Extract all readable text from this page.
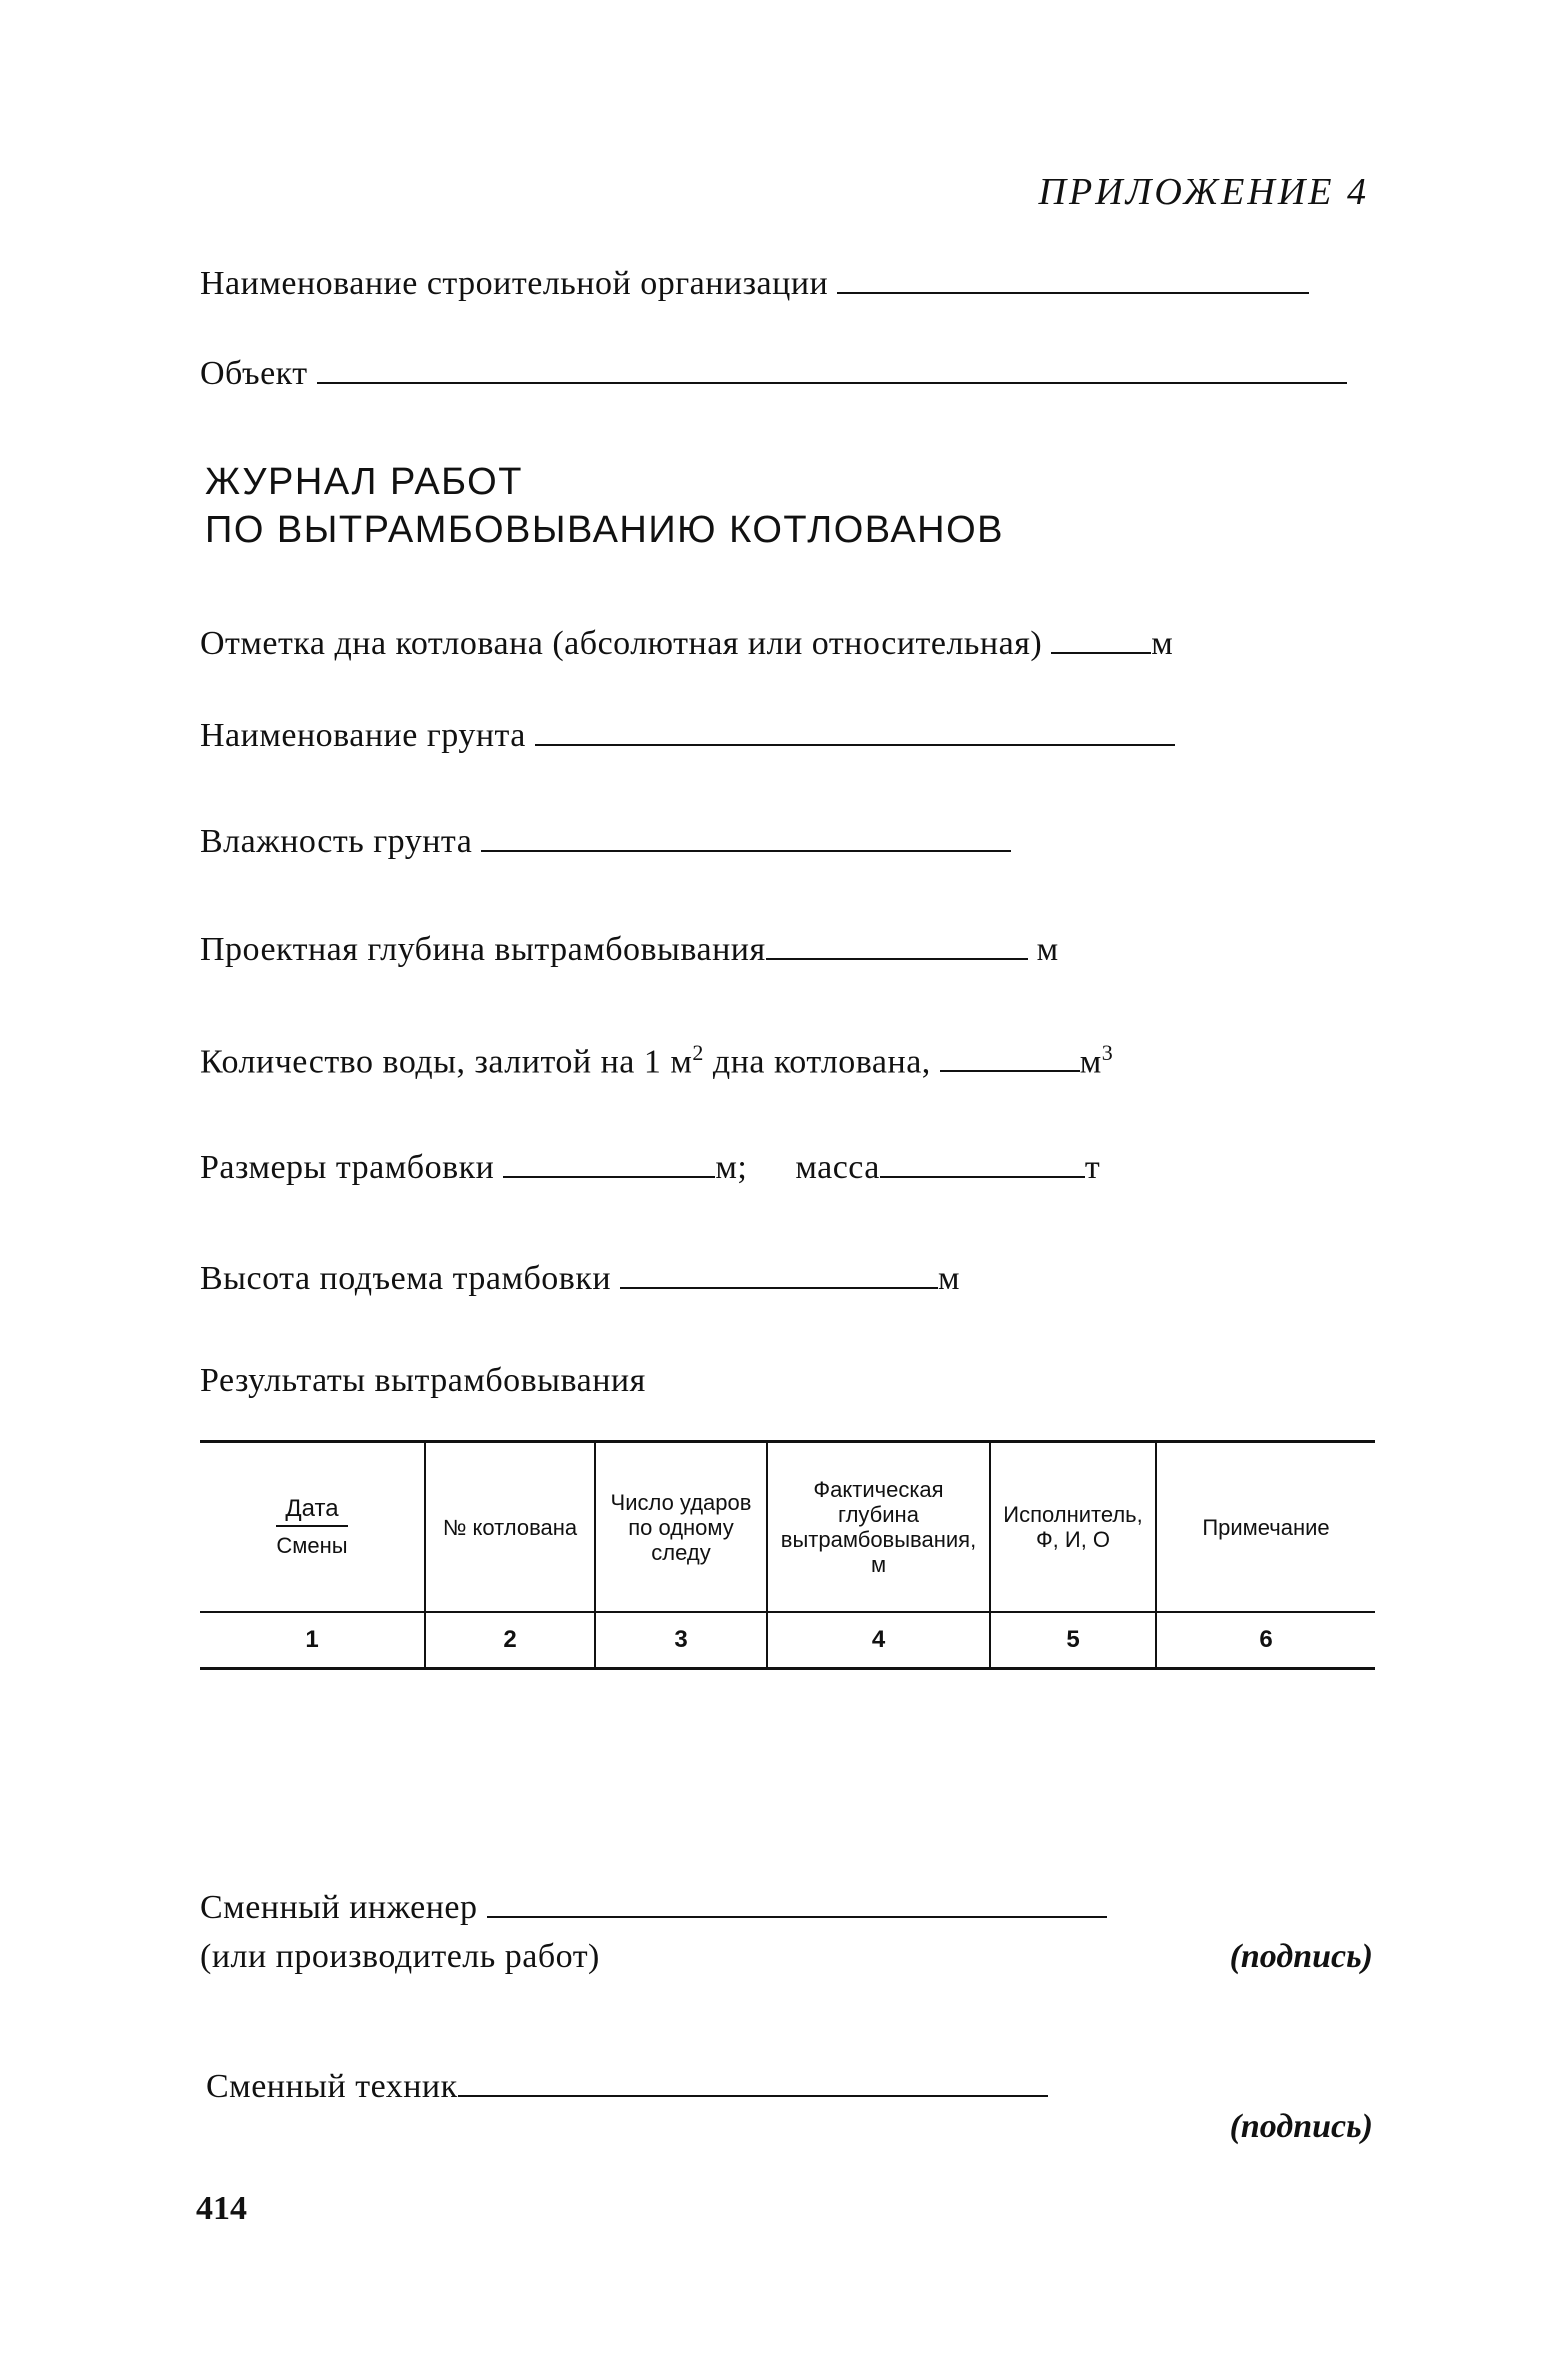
ПРИЛОЖЕНИЕ 4
Наименование строительной организации
Объект
ЖУРНАЛ РАБОТ
ПО ВЫТРАМБОВЫВАНИЮ КОТЛОВАНОВ
Отметка дна котлована (абсолютная или относительная)	м
Наименование грунта
Влажность грунта
Проектная глубина вытрамбовывания	м
Количество воды, залитой на 1 $м^2$ дна котлована,	$м^3$
Размеры трамбовки	м; масса	т
Высота подъема трамбовки	м
Результаты вытрамбовывания
$\frac{\text{Дата}}{\text{Смены}}$	№ котлована	Число ударов по одному следу	Фактическая глубина вытрамбовывания, м	Исполнитель, Ф, И, О	Примечание
1	2	3	4	5	6
Сменный инженер
(или производитель работ)	(подпись)
Сменный техник
(подпись)
414
